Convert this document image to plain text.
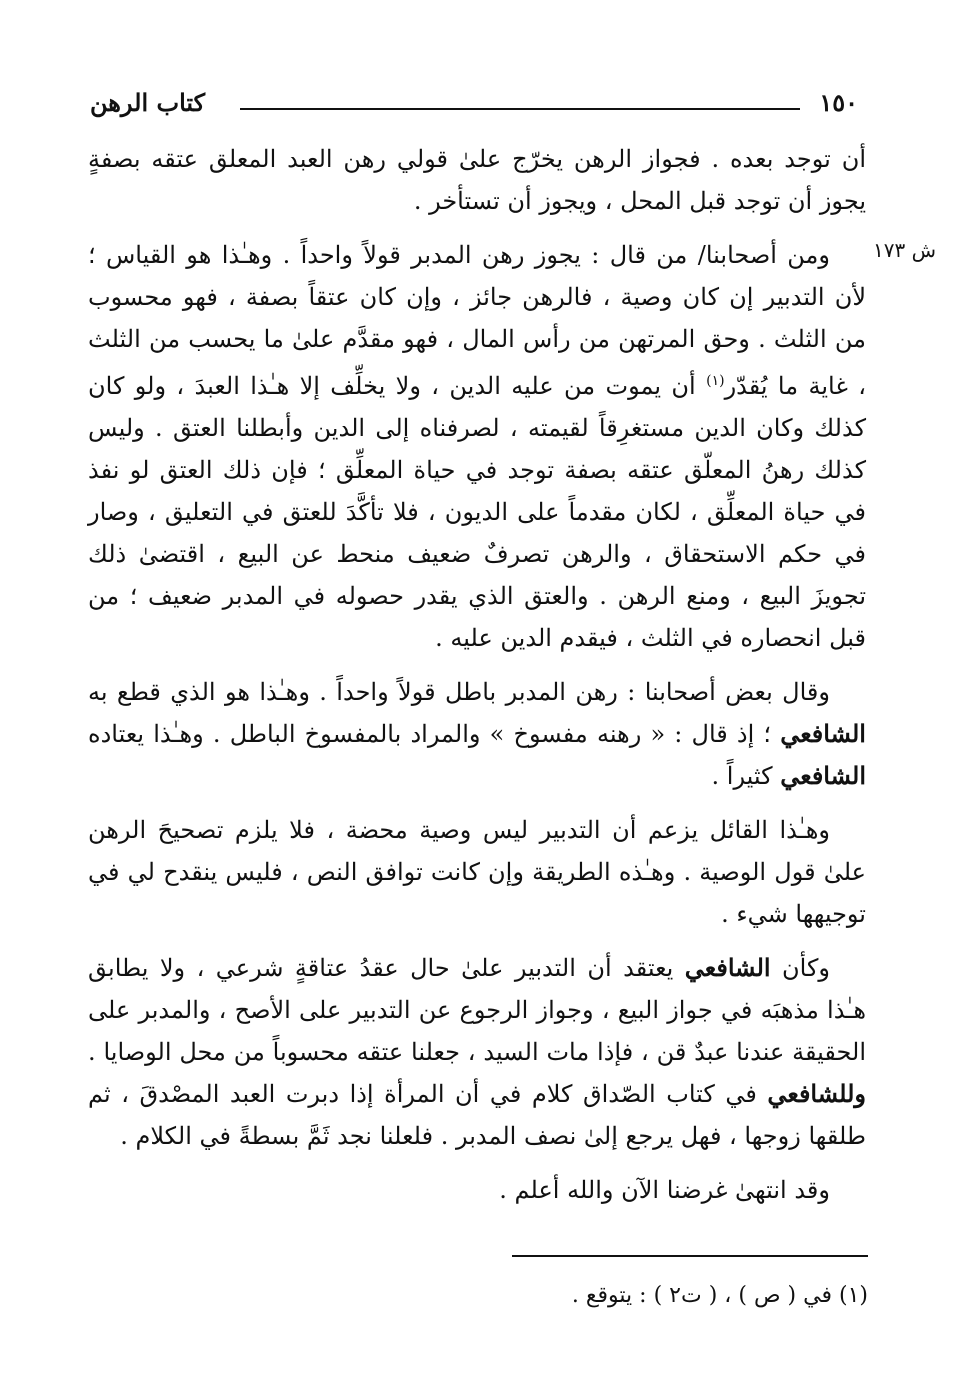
١٥٠
كتاب الرهن
ش ١٧٣

أن توجد بعده . فجواز الرهن يخرّج علىٰ قولي رهن العبد المعلق عتقه بصفةٍ يجوز أن توجد قبل المحل ، ويجوز أن تستأخر .

ومن أصحابنا/ من قال : يجوز رهن المدبر قولاً واحداً . وهـٰذا هو القياس ؛ لأن التدبير إن كان وصية ، فالرهن جائز ، وإن كان عتقاً بصفة ، فهو محسوب من الثلث . وحق المرتهن من رأس المال ، فهو مقدَّم علىٰ ما يحسب من الثلث ، غاية ما يُقدّر$^{(١)}$ أن يموت من عليه الدين ، ولا يخلِّف إلا هـٰذا العبدَ ، ولو كان كذلك وكان الدين مستغرِقاً لقيمته ، لصرفناه إلى الدين وأبطلنا العتق . وليس كذلك رهنُ المعلّق عتقه بصفة توجد في حياة المعلِّق ؛ فإن ذلك العتق لو نفذ في حياة المعلِّق ، لكان مقدماً على الديون ، فلا تأكَّدَ للعتق في التعليق ، وصار في حكم الاستحقاق ، والرهن تصرفٌ ضعيف منحط عن البيع ، اقتضىٰ ذلك تجويزَ البيع ، ومنع الرهن . والعتق الذي يقدر حصوله في المدبر ضعيف ؛ من قبل انحصاره في الثلث ، فيقدم الدين عليه .

وقال بعض أصحابنا : رهن المدبر باطل قولاً واحداً . وهـٰذا هو الذي قطع به الشافعي ؛ إذ قال : « رهنه مفسوخ » والمراد بالمفسوخ الباطل . وهـٰذا يعتاده الشافعي كثيراً .

وهـٰذا القائل يزعم أن التدبير ليس وصية محضة ، فلا يلزم تصحيحَ الرهن علىٰ قول الوصية . وهـٰذه الطريقة وإن كانت توافق النص ، فليس ينقدح لي في توجيهها شيء .

وكأن الشافعي يعتقد أن التدبير علىٰ حال عقدُ عتاقةٍ شرعي ، ولا يطابق هـٰذا مذهبَه في جواز البيع ، وجواز الرجوع عن التدبير على الأصح ، والمدبر على الحقيقة عندنا عبدٌ قن ، فإذا مات السيد ، جعلنا عتقه محسوباً من محل الوصايا . وللشافعي في كتاب الصّداق كلام في أن المرأة إذا دبرت العبد المصْدقَ ، ثم طلقها زوجها ، فهل يرجع إلىٰ نصف المدبر . فلعلنا نجد ثَمَّ بسطةً في الكلام .

وقد انتهىٰ غرضنا الآن والله أعلم .

(١) في ( ص ) ، ( ت٢ ) : يتوقع .
